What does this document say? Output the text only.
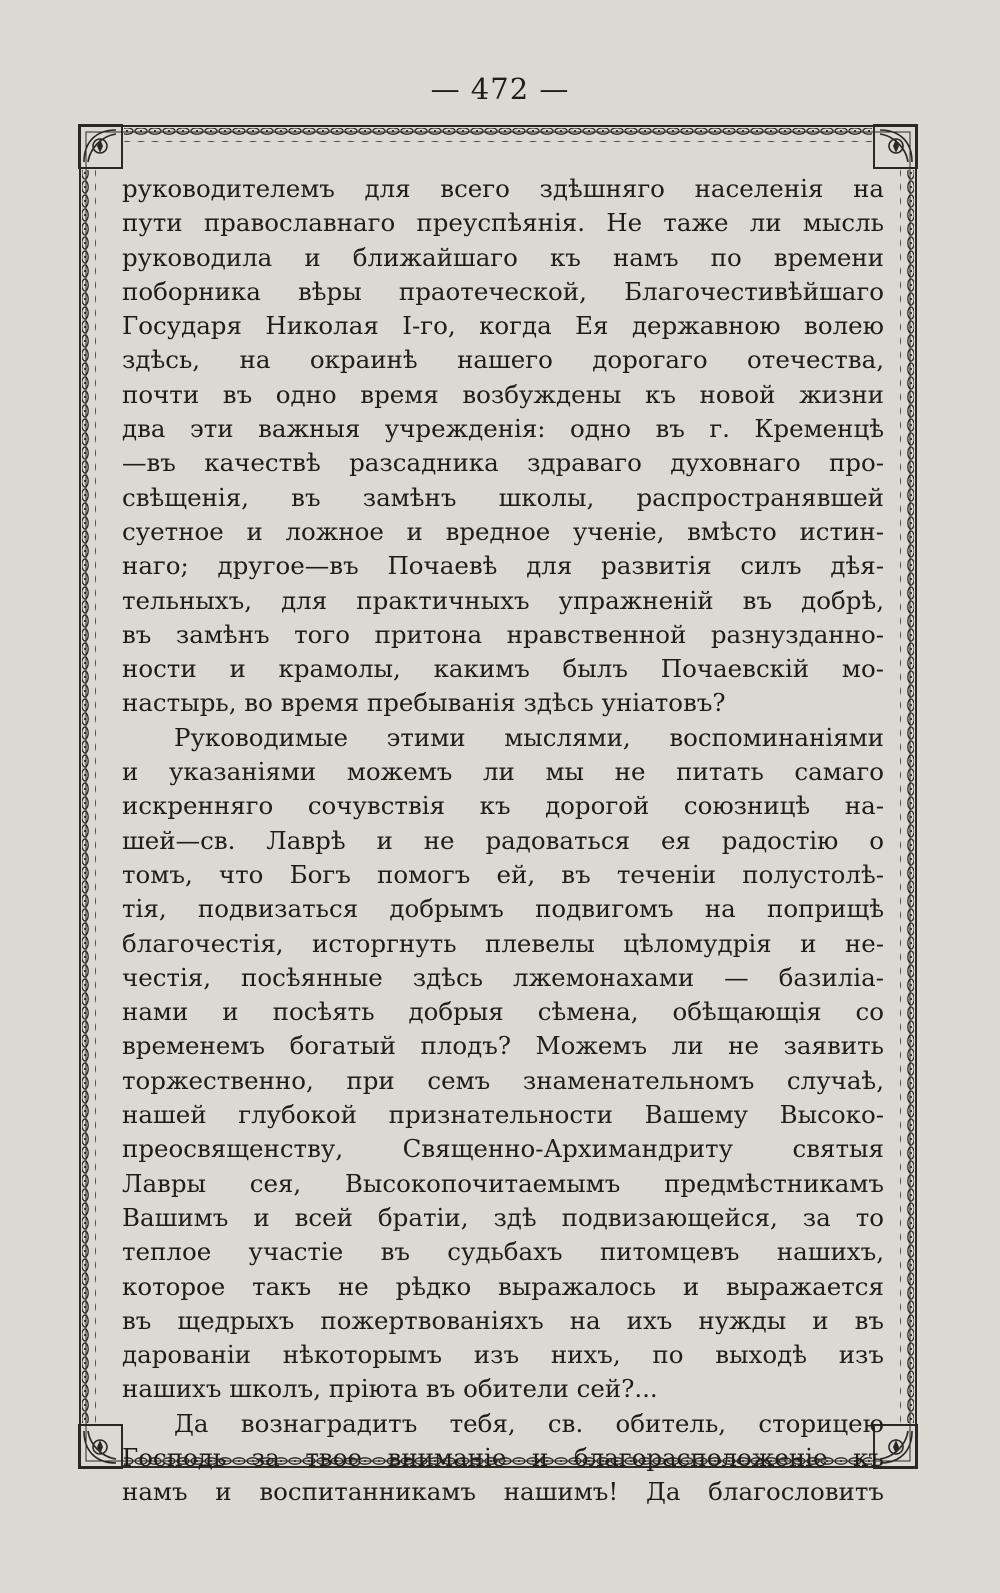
— 472 —
руководителемъ для всего здѣшняго населенія на
пути православнаго преуспѣянія. Не таже ли мысль
руководила и ближайшаго къ намъ по времени
поборника вѣры праотеческой, Благочестивѣйшаго
Государя Николая I-го, когда Ея державною волею
здѣсь, на окраинѣ нашего дорогаго отечества,
почти въ одно время возбуждены къ новой жизни
два эти важныя учрежденія: одно въ г. Кременцѣ
—въ качествѣ разсадника здраваго духовнаго про-
свѣщенія, въ замѣнъ школы, распространявшей
суетное и ложное и вредное ученіе, вмѣсто истин-
наго; другое—въ Почаевѣ для развитія силъ дѣя-
тельныхъ, для практичныхъ упражненій въ добрѣ,
въ замѣнъ того притона нравственной разнузданно-
ности и крамолы, какимъ былъ Почаевскій мо-
настырь, во время пребыванія здѣсь уніатовъ?
Руководимые этими мыслями, воспоминаніями
и указаніями можемъ ли мы не питать самаго
искренняго сочувствія къ дорогой союзницѣ на-
шей—св. Лаврѣ и не радоваться ея радостію о
томъ, что Богъ помогъ ей, въ теченіи полустолѣ-
тія, подвизаться добрымъ подвигомъ на поприщѣ
благочестія, исторгнуть плевелы цѣломудрія и не-
честія, посѣянные здѣсь лжемонахами — базиліа-
нами и посѣять добрыя сѣмена, обѣщающія со
временемъ богатый плодъ? Можемъ ли не заявить
торжественно, при семъ знаменательномъ случаѣ,
нашей глубокой признательности Вашему Высоко-
преосвященству, Священно-Архимандриту святыя
Лавры сея, Высокопочитаемымъ предмѣстникамъ
Вашимъ и всей братіи, здѣ подвизающейся, за то
теплое участіе въ судьбахъ питомцевъ нашихъ,
которое такъ не рѣдко выражалось и выражается
въ щедрыхъ пожертвованіяхъ на ихъ нужды и въ
дарованіи нѣкоторымъ изъ нихъ, по выходѣ изъ
нашихъ школъ, пріюта въ обители сей?...
Да вознаградитъ тебя, св. обитель, сторицею
Господь за твое вниманіе и благорасположеніе къ
намъ и воспитанникамъ нашимъ! Да благословитъ
